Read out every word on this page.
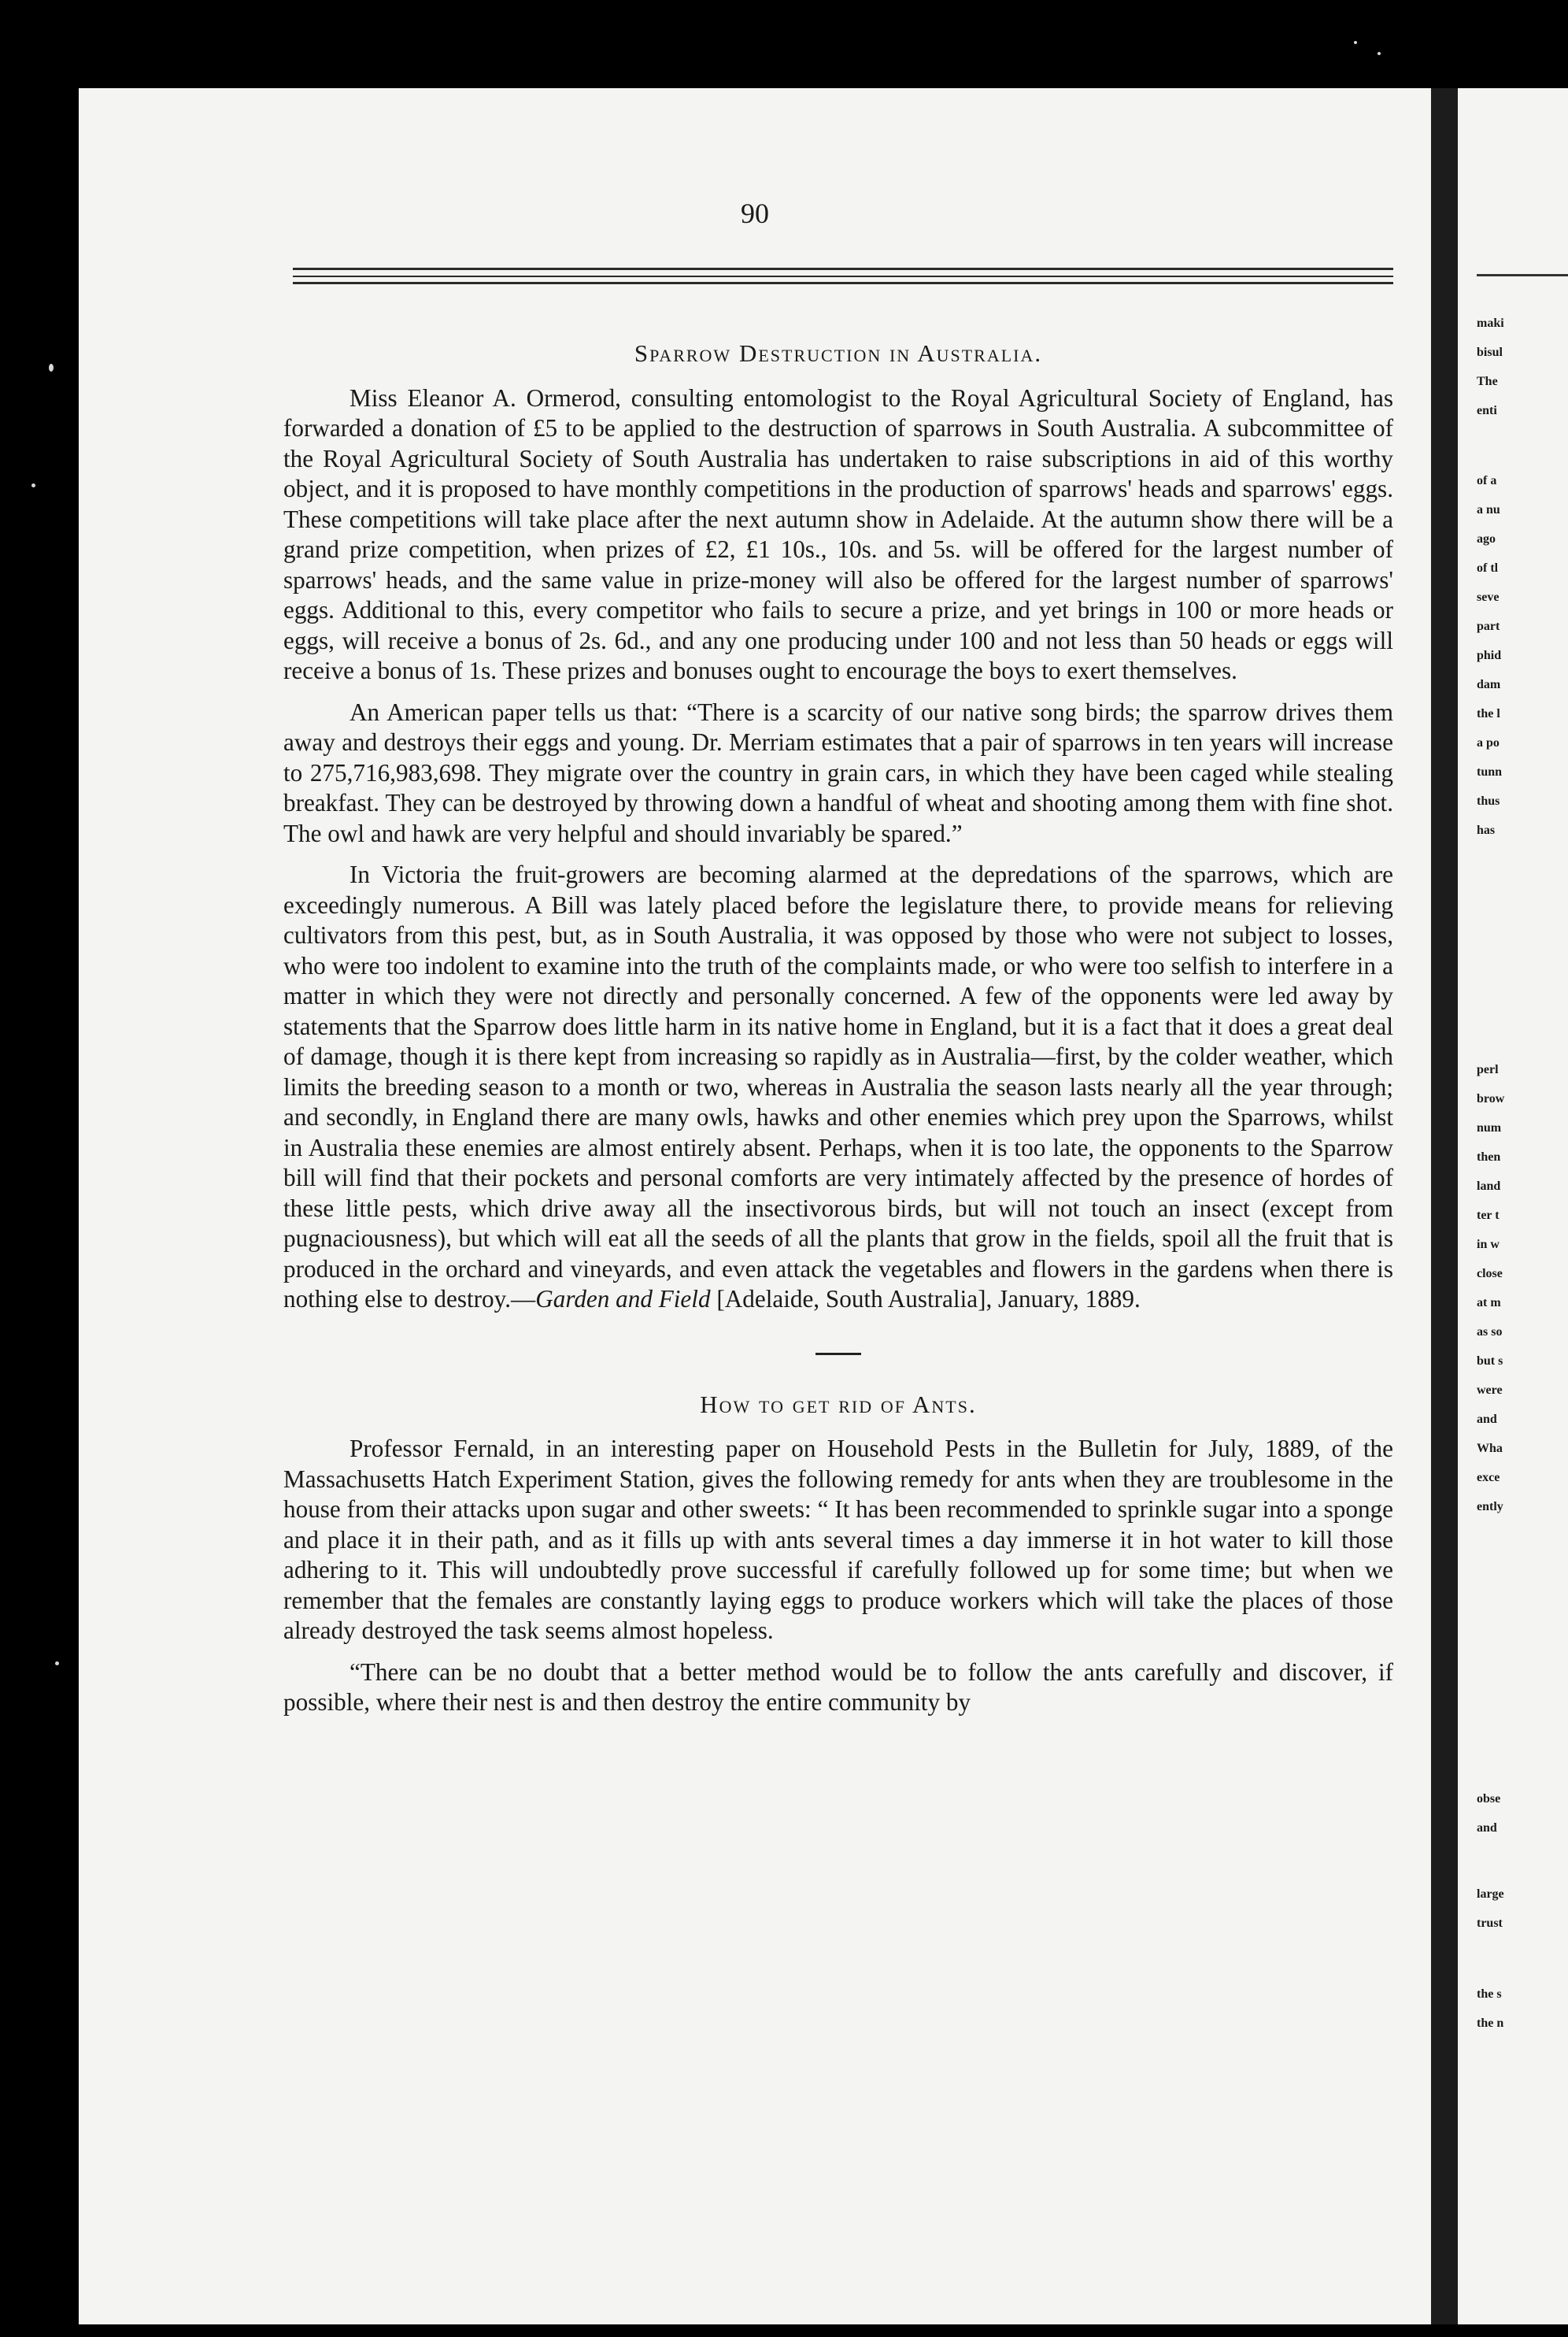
90
Sparrow Destruction in Australia.

Miss Eleanor A. Ormerod, consulting entomologist to the Royal Agricultural Society of England, has forwarded a donation of £5 to be applied to the destruction of sparrows in South Australia. A subcommittee of the Royal Agricultural Society of South Australia has undertaken to raise subscriptions in aid of this worthy object, and it is proposed to have monthly competitions in the production of sparrows' heads and sparrows' eggs. These competitions will take place after the next autumn show in Adelaide. At the autumn show there will be a grand prize competition, when prizes of £2, £1 10s., 10s. and 5s. will be offered for the largest number of sparrows' heads, and the same value in prize-money will also be offered for the largest number of sparrows' eggs. Additional to this, every competitor who fails to secure a prize, and yet brings in 100 or more heads or eggs, will receive a bonus of 2s. 6d., and any one producing under 100 and not less than 50 heads or eggs will receive a bonus of 1s. These prizes and bonuses ought to encourage the boys to exert themselves.

An American paper tells us that: “There is a scarcity of our native song birds; the sparrow drives them away and destroys their eggs and young. Dr. Merriam estimates that a pair of sparrows in ten years will increase to 275,716,983,698. They migrate over the country in grain cars, in which they have been caged while stealing breakfast. They can be destroyed by throwing down a handful of wheat and shooting among them with fine shot. The owl and hawk are very helpful and should invariably be spared.”

In Victoria the fruit-growers are becoming alarmed at the depredations of the sparrows, which are exceedingly numerous. A Bill was lately placed before the legislature there, to provide means for relieving cultivators from this pest, but, as in South Australia, it was opposed by those who were not subject to losses, who were too indolent to examine into the truth of the complaints made, or who were too selfish to interfere in a matter in which they were not directly and personally concerned. A few of the opponents were led away by statements that the Sparrow does little harm in its native home in England, but it is a fact that it does a great deal of damage, though it is there kept from increasing so rapidly as in Australia—first, by the colder weather, which limits the breeding season to a month or two, whereas in Australia the season lasts nearly all the year through; and secondly, in England there are many owls, hawks and other enemies which prey upon the Sparrows, whilst in Australia these enemies are almost entirely absent. Perhaps, when it is too late, the opponents to the Sparrow bill will find that their pockets and personal comforts are very intimately affected by the presence of hordes of these little pests, which drive away all the insectivorous birds, but will not touch an insect (except from pugnaciousness), but which will eat all the seeds of all the plants that grow in the fields, spoil all the fruit that is produced in the orchard and vineyards, and even attack the vegetables and flowers in the gardens when there is nothing else to destroy.—Garden and Field [Adelaide, South Australia], January, 1889.

How to get rid of Ants.

Professor Fernald, in an interesting paper on Household Pests in the Bulletin for July, 1889, of the Massachusetts Hatch Experiment Station, gives the following remedy for ants when they are troublesome in the house from their attacks upon sugar and other sweets: “ It has been recommended to sprinkle sugar into a sponge and place it in their path, and as it fills up with ants several times a day immerse it in hot water to kill those adhering to it. This will undoubtedly prove successful if carefully followed up for some time; but when we remember that the females are constantly laying eggs to produce workers which will take the places of those already destroyed the task seems almost hopeless.

“There can be no doubt that a better method would be to follow the ants carefully and discover, if possible, where their nest is and then destroy the entire community by

maki
bisul
The
enti
of a
a nu
ago
of tl
seve
part
phid
dam
the l
a po
tunn
thus
has
perl
brow
num
then
land
ter t
in w
close
at m
as so
but s
were
and
Wha
exce
ently
obse
and
large
trust
the s
the n
